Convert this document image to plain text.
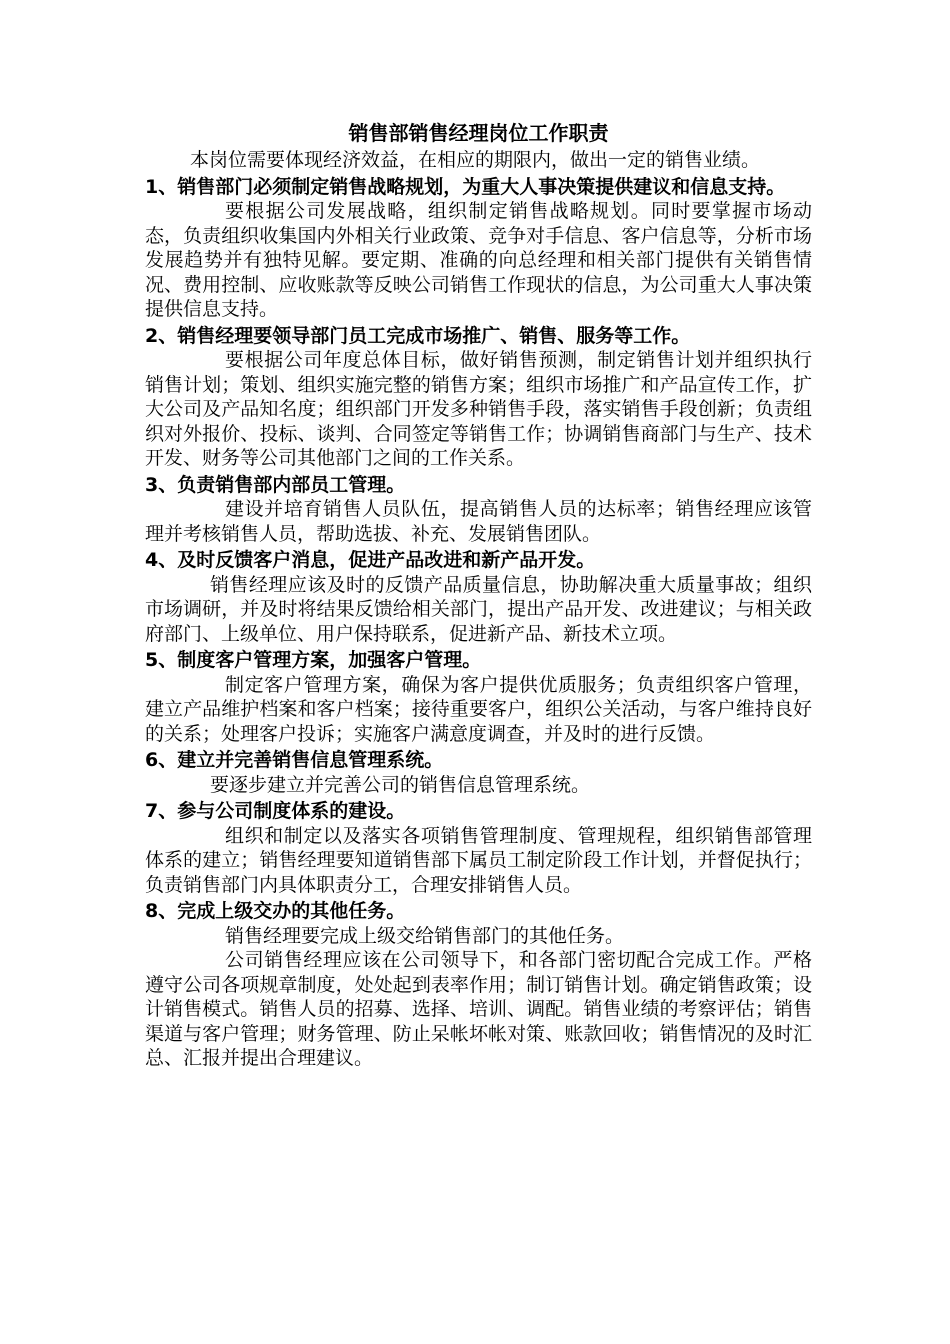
销售部销售经理岗位工作职责

本岗位需要体现经济效益，在相应的期限内，做出一定的销售业绩。

1、销售部门必须制定销售战略规划，为重大人事决策提供建议和信息支持。

要根据公司发展战略，组织制定销售战略规划。同时要掌握市场动态，负责组织收集国内外相关行业政策、竞争对手信息、客户信息等，分析市场发展趋势并有独特见解。要定期、准确的向总经理和相关部门提供有关销售情况、费用控制、应收账款等反映公司销售工作现状的信息，为公司重大人事决策提供信息支持。

2、销售经理要领导部门员工完成市场推广、销售、服务等工作。

要根据公司年度总体目标，做好销售预测，制定销售计划并组织执行销售计划；策划、组织实施完整的销售方案；组织市场推广和产品宣传工作，扩大公司及产品知名度；组织部门开发多种销售手段，落实销售手段创新；负责组织对外报价、投标、谈判、合同签定等销售工作；协调销售商部门与生产、技术开发、财务等公司其他部门之间的工作关系。

3、负责销售部内部员工管理。

建设并培育销售人员队伍，提高销售人员的达标率；销售经理应该管理并考核销售人员，帮助选拔、补充、发展销售团队。

4、及时反馈客户消息，促进产品改进和新产品开发。

销售经理应该及时的反馈产品质量信息，协助解决重大质量事故；组织市场调研，并及时将结果反馈给相关部门，提出产品开发、改进建议；与相关政府部门、上级单位、用户保持联系，促进新产品、新技术立项。

5、制度客户管理方案，加强客户管理。

制定客户管理方案，确保为客户提供优质服务；负责组织客户管理，建立产品维护档案和客户档案；接待重要客户，组织公关活动，与客户维持良好的关系；处理客户投诉；实施客户满意度调查，并及时的进行反馈。

6、建立并完善销售信息管理系统。

要逐步建立并完善公司的销售信息管理系统。

7、参与公司制度体系的建设。

组织和制定以及落实各项销售管理制度、管理规程，组织销售部管理体系的建立；销售经理要知道销售部下属员工制定阶段工作计划，并督促执行；负责销售部门内具体职责分工，合理安排销售人员。

8、完成上级交办的其他任务。

销售经理要完成上级交给销售部门的其他任务。

公司销售经理应该在公司领导下，和各部门密切配合完成工作。严格遵守公司各项规章制度，处处起到表率作用；制订销售计划。确定销售政策；设计销售模式。销售人员的招募、选择、培训、调配。销售业绩的考察评估；销售渠道与客户管理；财务管理、防止呆帐坏帐对策、账款回收；销售情况的及时汇总、汇报并提出合理建议。
